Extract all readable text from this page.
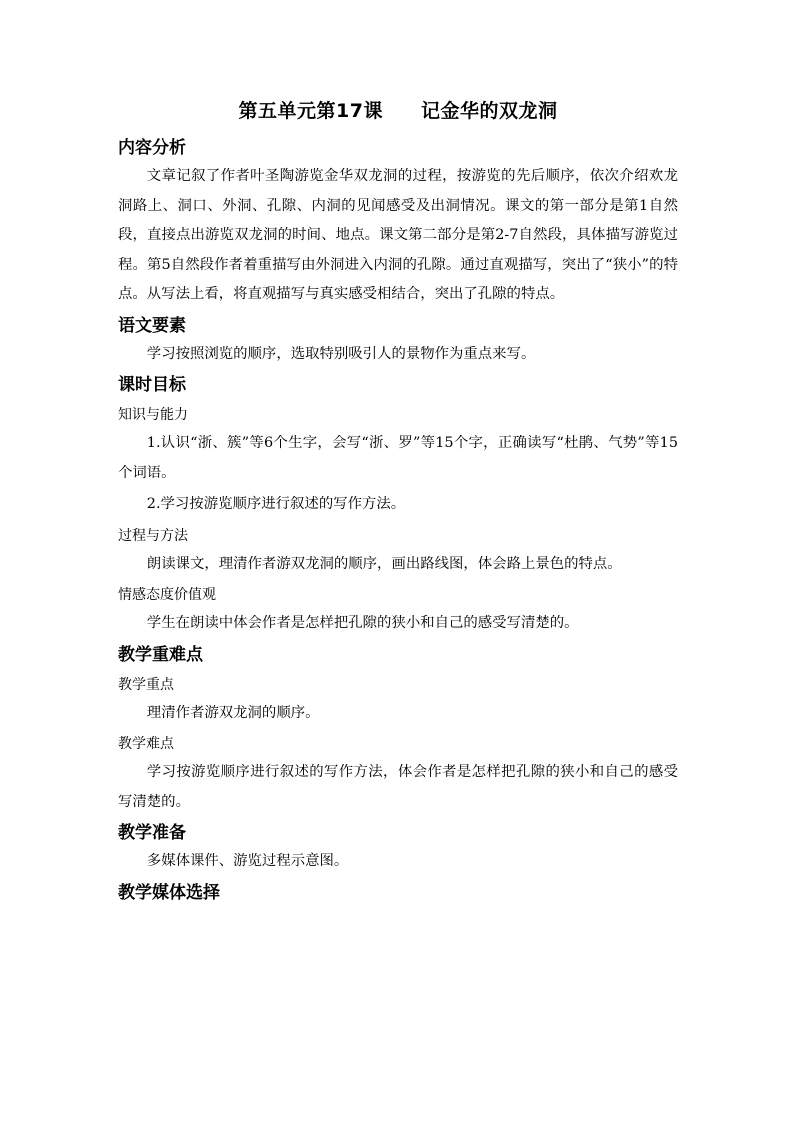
第五单元第17课 记金华的双龙洞
内容分析

文章记叙了作者叶圣陶游览金华双龙洞的过程，按游览的先后顺序，依次介绍欢龙洞路上、洞口、外洞、孔隙、内洞的见闻感受及出洞情况。课文的第一部分是第1自然段，直接点出游览双龙洞的时间、地点。课文第二部分是第2-7自然段，具体描写游览过程。第5自然段作者着重描写由外洞进入内洞的孔隙。通过直观描写，突出了“狭小”的特点。从写法上看，将直观描写与真实感受相结合，突出了孔隙的特点。

语文要素

学习按照浏览的顺序，选取特别吸引人的景物作为重点来写。

课时目标
知识与能力

1.认识“浙、簇”等6个生字，会写“浙、罗”等15个字，正确读写“杜鹃、气势”等15个词语。

2.学习按游览顺序进行叙述的写作方法。

过程与方法

朗读课文，理清作者游双龙洞的顺序，画出路线图，体会路上景色的特点。

情感态度价值观

学生在朗读中体会作者是怎样把孔隙的狭小和自己的感受写清楚的。

教学重难点
教学重点

理清作者游双龙洞的顺序。

教学难点

学习按游览顺序进行叙述的写作方法，体会作者是怎样把孔隙的狭小和自己的感受写清楚的。

教学准备

多媒体课件、游览过程示意图。

教学媒体选择
